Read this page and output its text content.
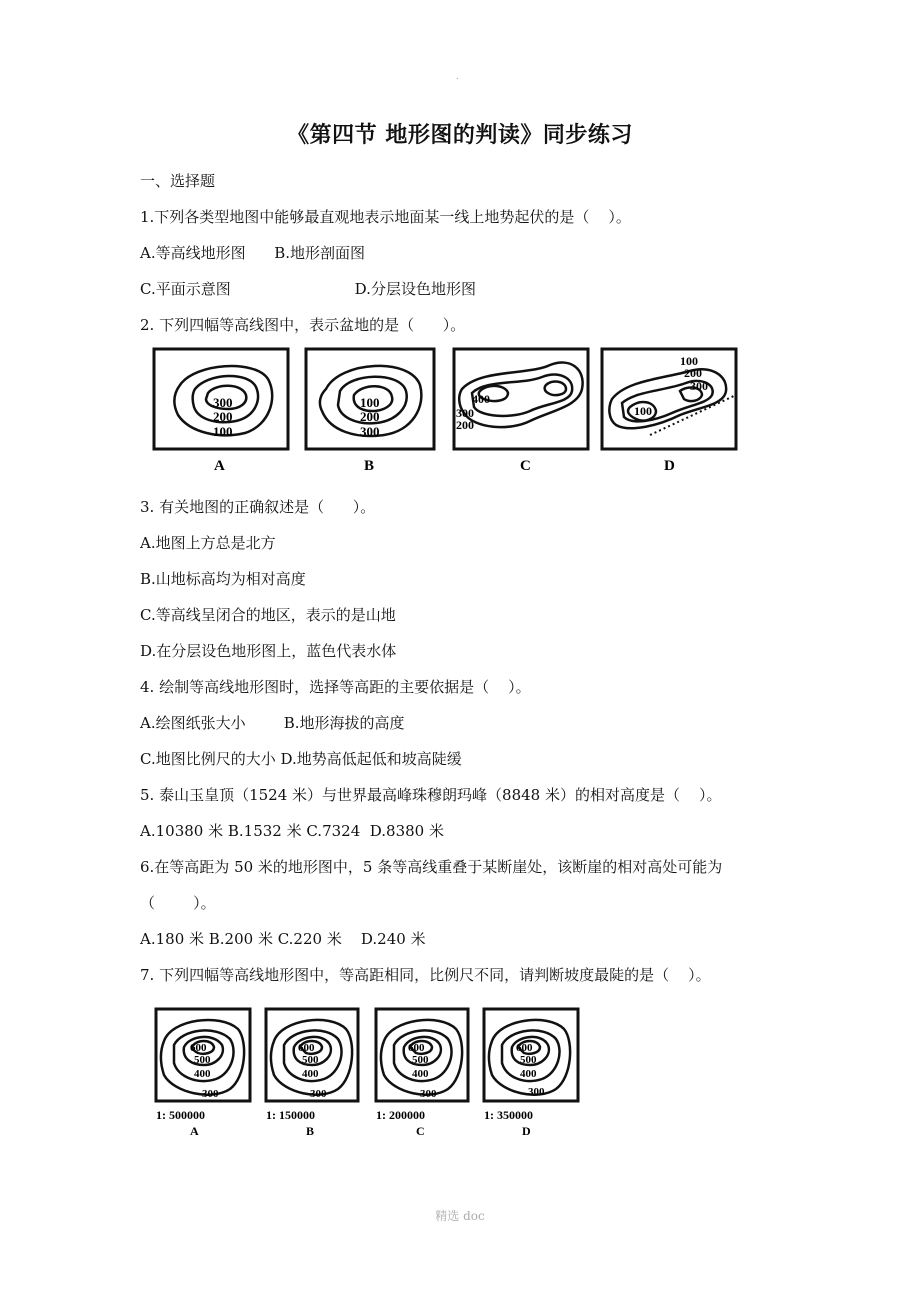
.
《第四节 地形图的判读》同步练习
一、选择题
1.下列各类型地图中能够最直观地表示地面某一线上地势起伏的是（    ）。
A.等高线地形图      B.地形剖面图
C.平面示意图                          D.分层设色地形图
2. 下列四幅等高线图中，表示盆地的是（      ）。
300
200
100
A
100
200
300
B
400
300
200
C
100
200
300
100
D
3. 有关地图的正确叙述是（      ）。
A.地图上方总是北方
B.山地标高均为相对高度
C.等高线呈闭合的地区，表示的是山地
D.在分层设色地形图上，蓝色代表水体
4. 绘制等高线地形图时，选择等高距的主要依据是（    ）。
A.绘图纸张大小        B.地形海拔的高度
C.地图比例尺的大小 D.地势高低起低和坡高陡缓
5. 泰山玉皇顶（1524 米）与世界最高峰珠穆朗玛峰（8848 米）的相对高度是（    ）。
A.10380 米 B.1532 米 C.7324  D.8380 米
6.在等高距为 50 米的地形图中，5 条等高线重叠于某断崖处，该断崖的相对高处可能为
（        ）。
A.180 米 B.200 米 C.220 米    D.240 米
7. 下列四幅等高线地形图中，等高距相同，比例尺不同，请判断坡度最陡的是（    ）。
600
500
400
300
1: 500000
A
600
500
400
300
1: 150000
B
600
500
400
300
1: 200000
C
600
500
400
300
1: 350000
D
精选 doc
